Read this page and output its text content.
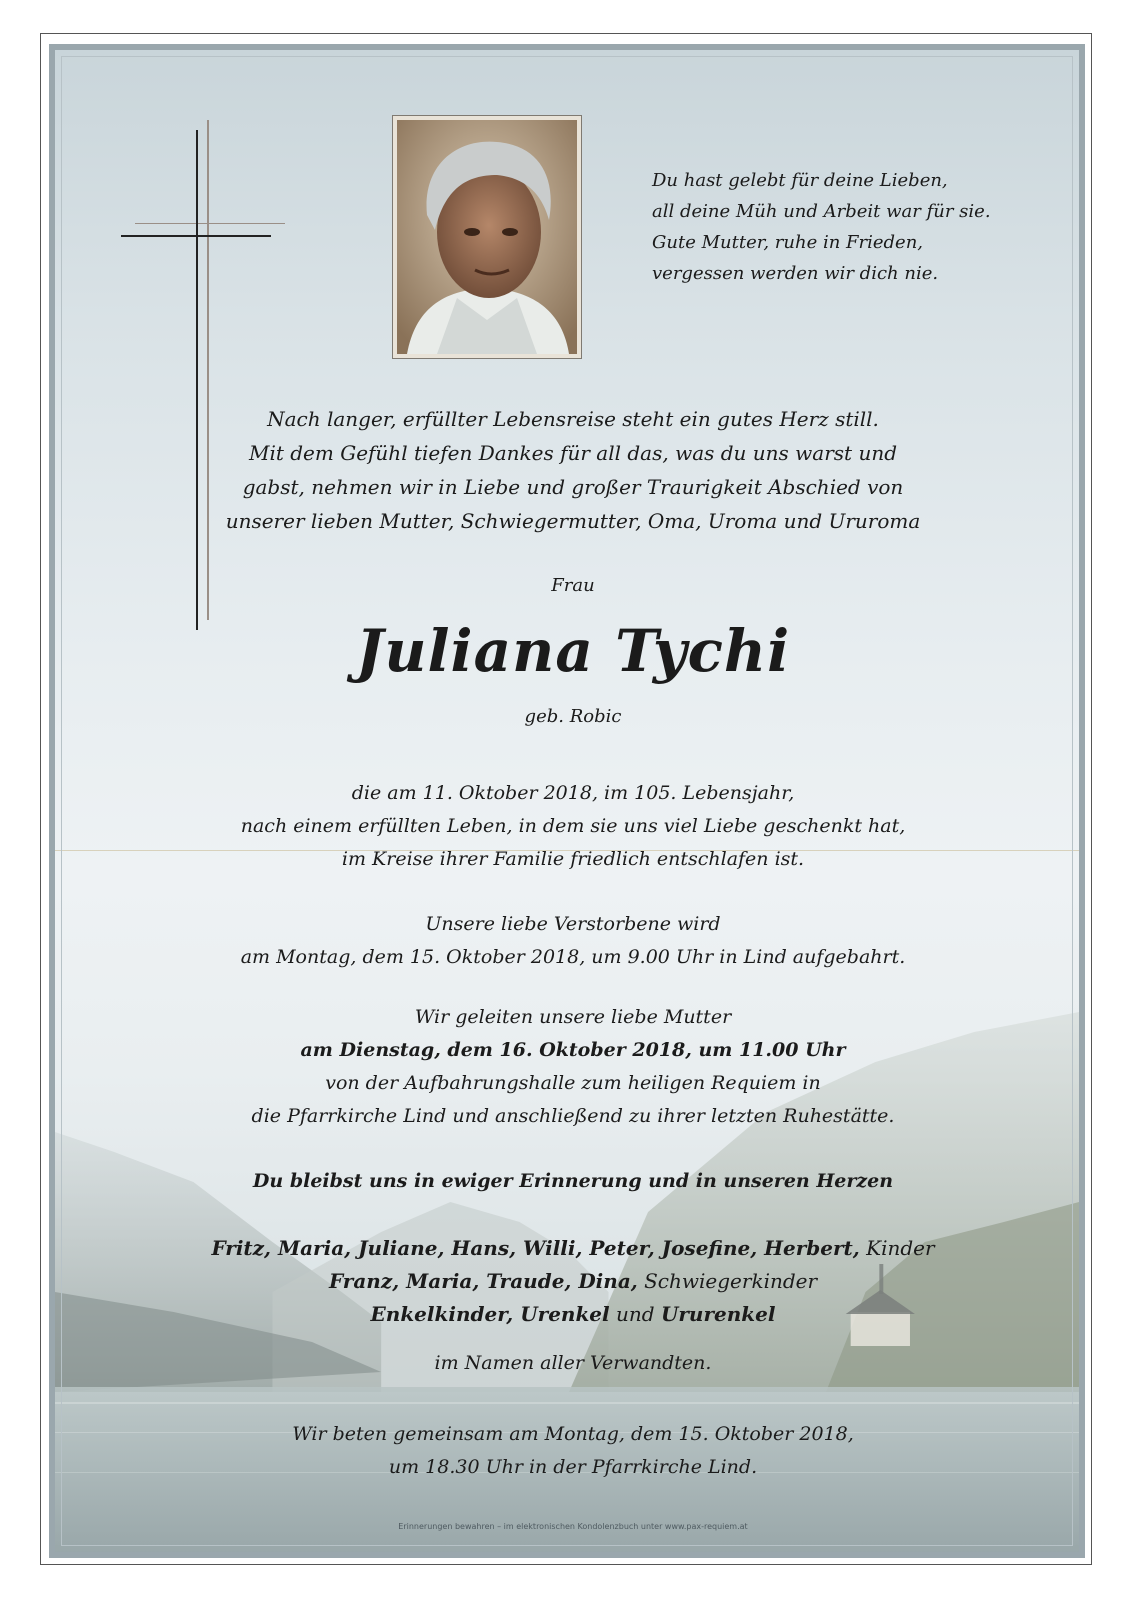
Du hast gelebt für deine Lieben,
all deine Müh und Arbeit war für sie.
Gute Mutter, ruhe in Frieden,
vergessen werden wir dich nie.
Nach langer, erfüllter Lebensreise steht ein gutes Herz still.
Mit dem Gefühl tiefen Dankes für all das, was du uns warst und
gabst, nehmen wir in Liebe und großer Traurigkeit Abschied von
unserer lieben Mutter, Schwiegermutter, Oma, Uroma und Ururoma
Frau
Juliana Tychi
geb. Robic
die am 11. Oktober 2018, im 105. Lebensjahr,
nach einem erfüllten Leben, in dem sie uns viel Liebe geschenkt hat,
im Kreise ihrer Familie friedlich entschlafen ist.
Unsere liebe Verstorbene wird
am Montag, dem 15. Oktober 2018, um 9.00 Uhr in Lind aufgebahrt.
Wir geleiten unsere liebe Mutter
am Dienstag, dem 16. Oktober 2018, um 11.00 Uhr
von der Aufbahrungshalle zum heiligen Requiem in
die Pfarrkirche Lind und anschließend zu ihrer letzten Ruhestätte.
Du bleibst uns in ewiger Erinnerung und in unseren Herzen
Fritz, Maria, Juliane, Hans, Willi, Peter, Josefine, Herbert, Kinder
Franz, Maria, Traude, Dina, Schwiegerkinder
Enkelkinder, Urenkel und Ururenkel
im Namen aller Verwandten.
Wir beten gemeinsam am Montag, dem 15. Oktober 2018,
um 18.30 Uhr in der Pfarrkirche Lind.
Erinnerungen bewahren – im elektronischen Kondolenzbuch unter www.pax-requiem.at
